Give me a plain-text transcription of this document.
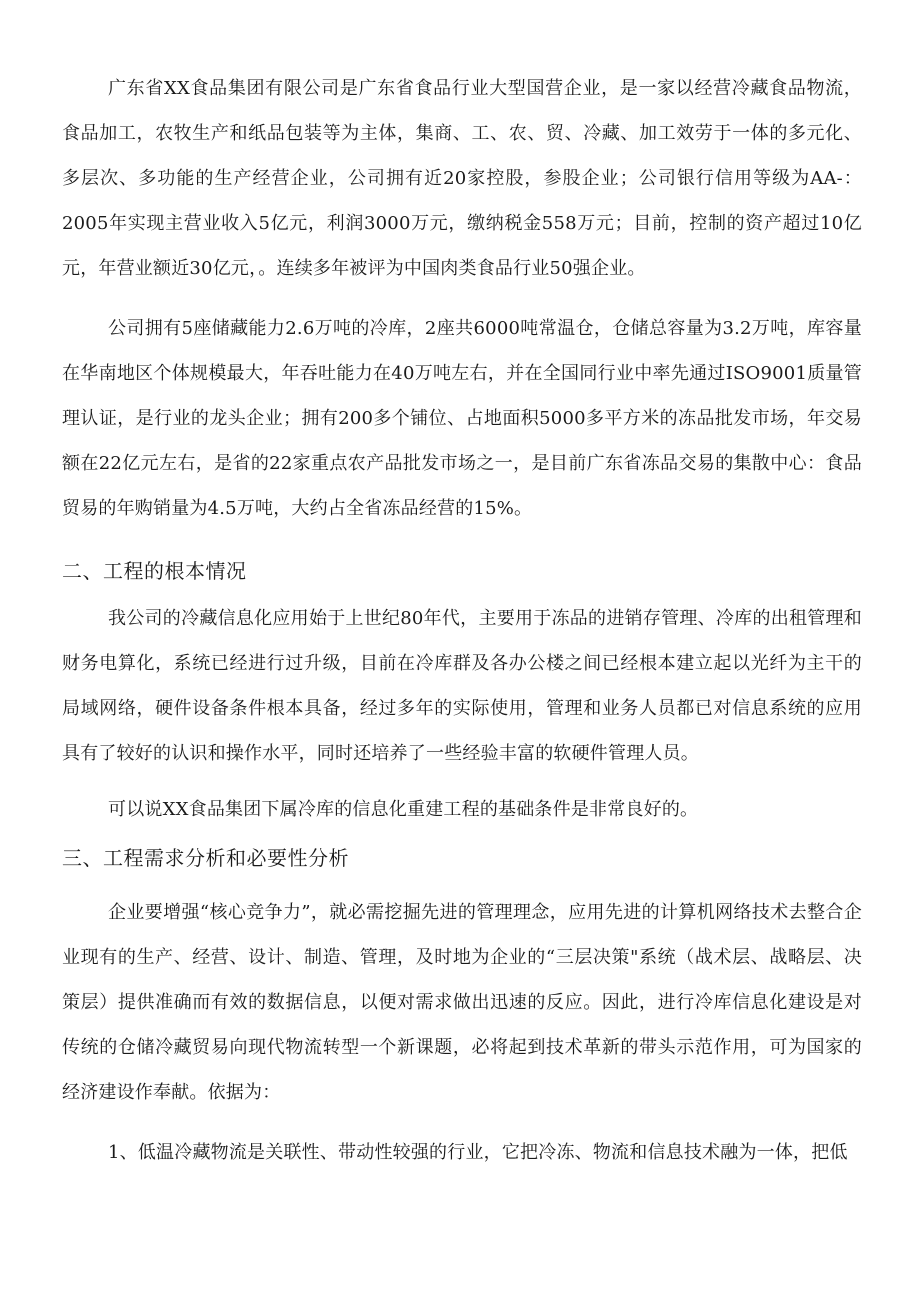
广东省XX食品集团有限公司是广东省食品行业大型国营企业，是一家以经营冷藏食品物流，食品加工，农牧生产和纸品包装等为主体，集商、工、农、贸、冷藏、加工效劳于一体的多元化、多层次、多功能的生产经营企业，公司拥有近20家控股，参股企业；公司银行信用等级为AA-：2005年实现主营业收入5亿元，利润3000万元，缴纳税金558万元；目前，控制的资产超过10亿元，年营业额近30亿元，。连续多年被评为中国肉类食品行业50强企业。

公司拥有5座储藏能力2.6万吨的冷库，2座共6000吨常温仓，仓储总容量为3.2万吨，库容量在华南地区个体规模最大，年吞吐能力在40万吨左右，并在全国同行业中率先通过ISO9001质量管理认证，是行业的龙头企业；拥有200多个铺位、占地面积5000多平方米的冻品批发市场，年交易额在22亿元左右，是省的22家重点农产品批发市场之一，是目前广东省冻品交易的集散中心：食品贸易的年购销量为4.5万吨，大约占全省冻品经营的15%。

二、工程的根本情况

我公司的冷藏信息化应用始于上世纪80年代，主要用于冻品的进销存管理、冷库的出租管理和财务电算化，系统已经进行过升级，目前在冷库群及各办公楼之间已经根本建立起以光纤为主干的局域网络，硬件设备条件根本具备，经过多年的实际使用，管理和业务人员都已对信息系统的应用具有了较好的认识和操作水平，同时还培养了一些经验丰富的软硬件管理人员。

可以说XX食品集团下属冷库的信息化重建工程的基础条件是非常良好的。

三、工程需求分析和必要性分析

企业要增强“核心竞争力”，就必需挖掘先进的管理理念，应用先进的计算机网络技术去整合企业现有的生产、经营、设计、制造、管理，及时地为企业的“三层决策"系统（战术层、战略层、决策层）提供准确而有效的数据信息，以便对需求做出迅速的反应。因此，进行冷库信息化建设是对传统的仓储冷藏贸易向现代物流转型一个新课题，必将起到技术革新的带头示范作用，可为国家的经济建设作奉献。依据为：

1、低温冷藏物流是关联性、带动性较强的行业，它把冷冻、物流和信息技术融为一体，把低
